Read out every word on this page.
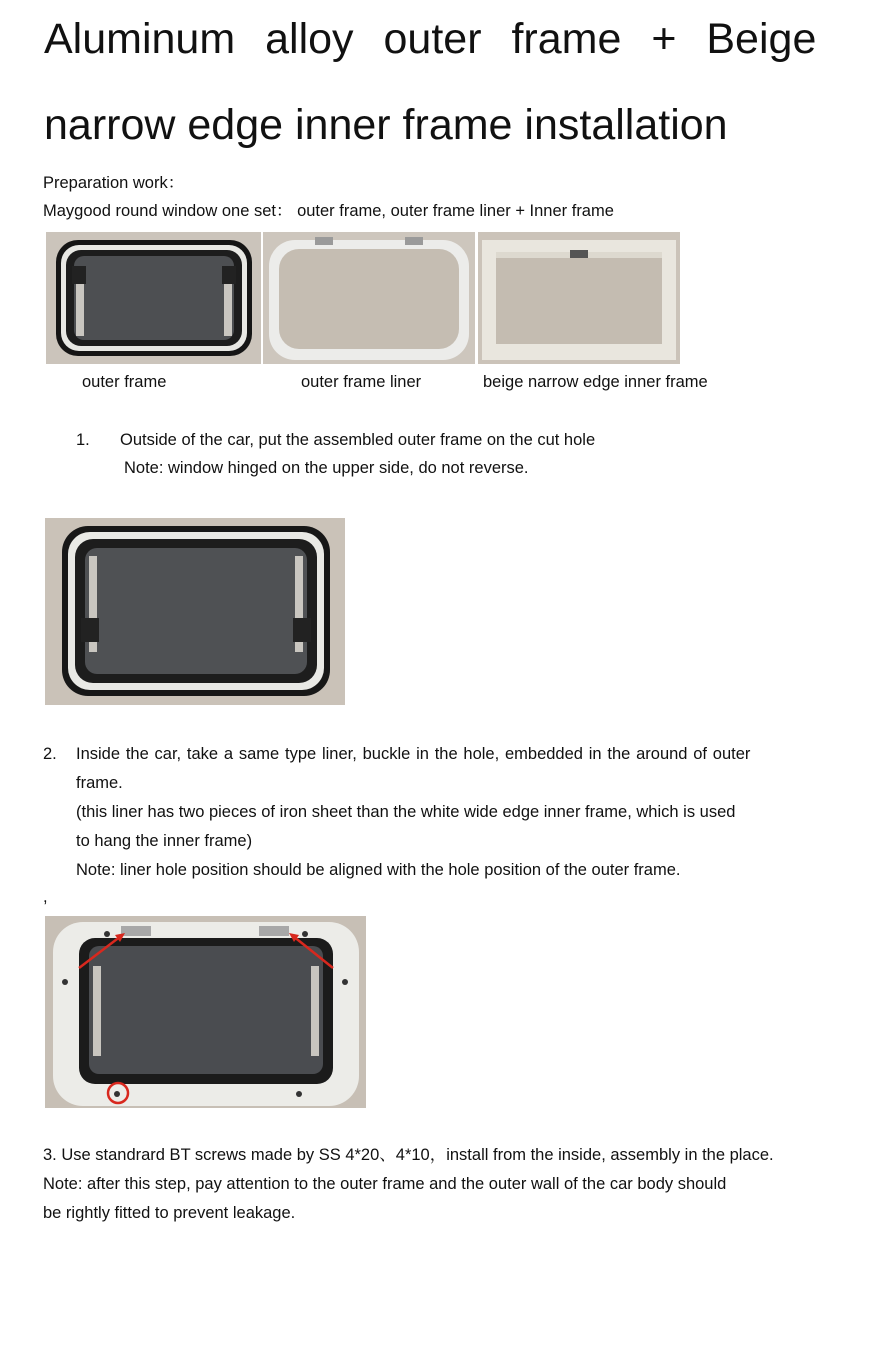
Aluminum alloy outer frame + Beige
narrow edge inner frame installation
Preparation work：
Maygood round window one set： outer frame, outer frame liner + Inner frame
outer frame	outer frame liner	beige narrow edge inner frame
1. Outside of the car, put the assembled outer frame on the cut hole
Note: window hinged on the upper side, do not reverse.
2. Inside the car, take a same type liner, buckle in the hole, embedded in the around of outer
frame.
(this liner has two pieces of iron sheet than the white wide edge inner frame, which is used
to hang the inner frame)
Note: liner hole position should be aligned with the hole position of the outer frame.
,
3. Use standrard BT screws made by SS 4*20、4*10，install from the inside, assembly in the place.
Note: after this step, pay attention to the outer frame and the outer wall of the car body should
be rightly fitted to prevent leakage.
